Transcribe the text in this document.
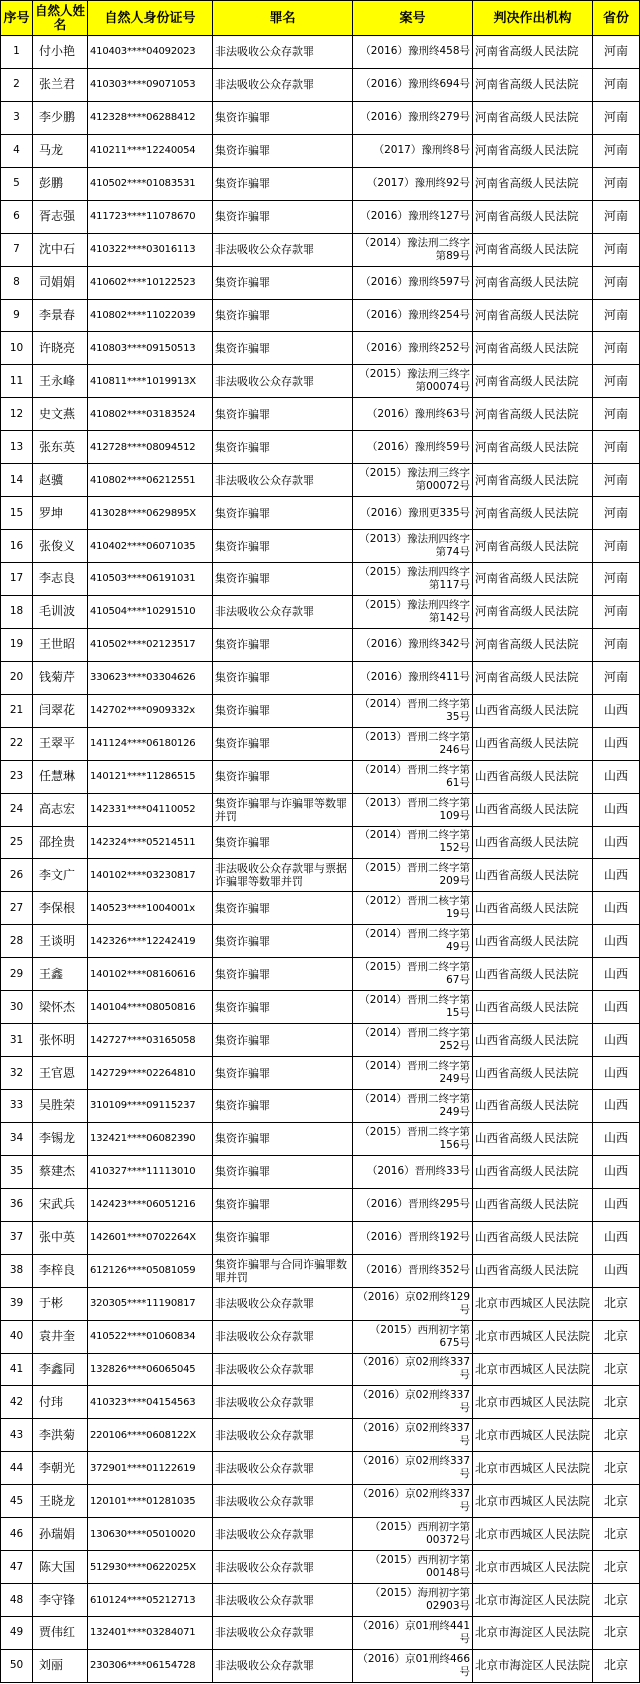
序号	自然人姓名	自然人身份证号	罪名	案号	判决作出机构	省份
1	付小艳	410403****04092023	非法吸收公众存款罪	（2016）豫刑终458号	河南省高级人民法院	河南
2	张兰君	410303****09071053	非法吸收公众存款罪	（2016）豫刑终694号	河南省高级人民法院	河南
3	李少鹏	412328****06288412	集资诈骗罪	（2016）豫刑终279号	河南省高级人民法院	河南
4	马龙	410211****12240054	集资诈骗罪	（2017）豫刑终8号	河南省高级人民法院	河南
5	彭鹏	410502****01083531	集资诈骗罪	（2017）豫刑终92号	河南省高级人民法院	河南
6	胥志强	411723****11078670	集资诈骗罪	（2016）豫刑终127号	河南省高级人民法院	河南
7	沈中石	410322****03016113	非法吸收公众存款罪	（2014）豫法刑二终字第89号	河南省高级人民法院	河南
8	司娟娟	410602****10122523	集资诈骗罪	（2016）豫刑终597号	河南省高级人民法院	河南
9	李景春	410802****11022039	集资诈骗罪	（2016）豫刑终254号	河南省高级人民法院	河南
10	许晓亮	410803****09150513	集资诈骗罪	（2016）豫刑终252号	河南省高级人民法院	河南
11	王永峰	410811****1019913X	非法吸收公众存款罪	（2015）豫法刑三终字第00074号	河南省高级人民法院	河南
12	史文燕	410802****03183524	集资诈骗罪	（2016）豫刑终63号	河南省高级人民法院	河南
13	张东英	412728****08094512	集资诈骗罪	（2016）豫刑终59号	河南省高级人民法院	河南
14	赵骥	410802****06212551	非法吸收公众存款罪	（2015）豫法刑三终字第00072号	河南省高级人民法院	河南
15	罗坤	413028****0629895X	集资诈骗罪	（2016）豫刑更335号	河南省高级人民法院	河南
16	张俊义	410402****06071035	集资诈骗罪	（2013）豫法刑四终字第74号	河南省高级人民法院	河南
17	李志良	410503****06191031	集资诈骗罪	（2015）豫法刑四终字第117号	河南省高级人民法院	河南
18	毛训波	410504****10291510	非法吸收公众存款罪	（2015）豫法刑四终字第142号	河南省高级人民法院	河南
19	王世昭	410502****02123517	集资诈骗罪	（2016）豫刑终342号	河南省高级人民法院	河南
20	钱菊芹	330623****03304626	集资诈骗罪	（2016）豫刑终411号	河南省高级人民法院	河南
21	闫翠花	142702****0909332x	集资诈骗罪	（2014）晋刑二终字第35号	山西省高级人民法院	山西
22	王翠平	141124****06180126	集资诈骗罪	（2013）晋刑二终字第246号	山西省高级人民法院	山西
23	任慧琳	140121****11286515	集资诈骗罪	（2014）晋刑二终字第61号	山西省高级人民法院	山西
24	高志宏	142331****04110052	集资诈骗罪与诈骗罪等数罪并罚	（2013）晋刑二终字第109号	山西省高级人民法院	山西
25	邵拴贵	142324****05214511	集资诈骗罪	（2014）晋刑二终字第152号	山西省高级人民法院	山西
26	李文广	140102****03230817	非法吸收公众存款罪与票据诈骗罪等数罪并罚	（2015）晋刑二终字第209号	山西省高级人民法院	山西
27	李保根	140523****1004001x	集资诈骗罪	（2012）晋刑二核字第19号	山西省高级人民法院	山西
28	王谈明	142326****12242419	集资诈骗罪	（2014）晋刑二终字第49号	山西省高级人民法院	山西
29	王鑫	140102****08160616	集资诈骗罪	（2015）晋刑二终字第67号	山西省高级人民法院	山西
30	梁怀杰	140104****08050816	集资诈骗罪	（2014）晋刑二终字第15号	山西省高级人民法院	山西
31	张怀明	142727****03165058	集资诈骗罪	（2014）晋刑二终字第252号	山西省高级人民法院	山西
32	王官恩	142729****02264810	集资诈骗罪	（2014）晋刑二终字第249号	山西省高级人民法院	山西
33	吴胜荣	310109****09115237	集资诈骗罪	（2014）晋刑二终字第249号	山西省高级人民法院	山西
34	李锡龙	132421****06082390	集资诈骗罪	（2015）晋刑二终字第156号	山西省高级人民法院	山西
35	蔡建杰	410327****11113010	集资诈骗罪	（2016）晋刑终33号	山西省高级人民法院	山西
36	宋武兵	142423****06051216	集资诈骗罪	（2016）晋刑终295号	山西省高级人民法院	山西
37	张中英	142601****0702264X	集资诈骗罪	（2016）晋刑终192号	山西省高级人民法院	山西
38	李梓良	612126****05081059	集资诈骗罪与合同诈骗罪数罪并罚	（2016）晋刑终352号	山西省高级人民法院	山西
39	于彬	320305****11190817	非法吸收公众存款罪	（2016）京02刑终129号	北京市西城区人民法院	北京
40	袁井奎	410522****01060834	非法吸收公众存款罪	（2015）西刑初字第675号	北京市西城区人民法院	北京
41	李鑫同	132826****06065045	非法吸收公众存款罪	（2016）京02刑终337号	北京市西城区人民法院	北京
42	付玮	410323****04154563	非法吸收公众存款罪	（2016）京02刑终337号	北京市西城区人民法院	北京
43	李洪菊	220106****0608122X	非法吸收公众存款罪	（2016）京02刑终337号	北京市西城区人民法院	北京
44	李朝光	372901****01122619	非法吸收公众存款罪	（2016）京02刑终337号	北京市西城区人民法院	北京
45	王晓龙	120101****01281035	非法吸收公众存款罪	（2016）京02刑终337号	北京市西城区人民法院	北京
46	孙瑞娟	130630****05010020	非法吸收公众存款罪	（2015）西刑初字第00372号	北京市西城区人民法院	北京
47	陈大国	512930****0622025X	非法吸收公众存款罪	（2015）西刑初字第00148号	北京市西城区人民法院	北京
48	李守锋	610124****05212713	非法吸收公众存款罪	（2015）海刑初字第02903号	北京市海淀区人民法院	北京
49	贾伟红	132401****03284071	非法吸收公众存款罪	（2016）京01刑终441号	北京市海淀区人民法院	北京
50	刘丽	230306****06154728	非法吸收公众存款罪	（2016）京01刑终466号	北京市海淀区人民法院	北京
